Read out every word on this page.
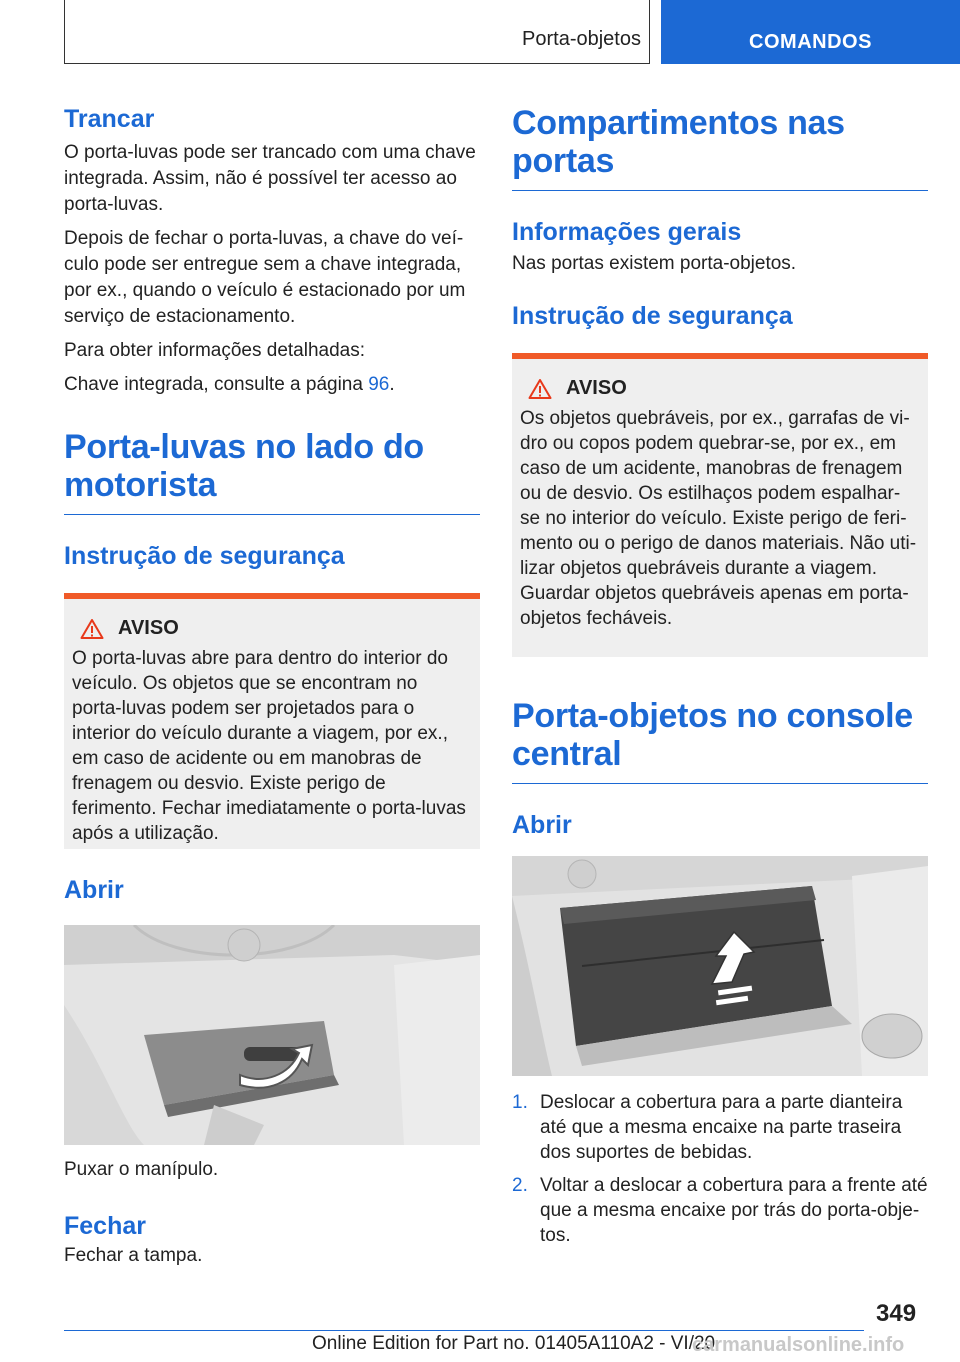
Porta-objetos	COMANDOS
Trancar

O porta-luvas pode ser trancado com uma chave integrada. Assim, não é possível ter acesso ao porta-luvas.

Depois de fechar o porta-luvas, a chave do veículo pode ser entregue sem a chave integrada, por ex., quando o veículo é estacionado por um serviço de estacionamento.

Para obter informações detalhadas:

Chave integrada, consulte a página 96.

Porta-luvas no lado do motorista
Instrução de segurança
AVISO

O porta-luvas abre para dentro do interior do veículo. Os objetos que se encontram no porta-luvas podem ser projetados para o interior do veículo durante a viagem, por ex., em caso de acidente ou em manobras de frenagem ou desvio. Existe perigo de ferimento. Fechar imediatamente o porta-luvas após a utilização.

Abrir

Puxar o manípulo.

Fechar

Fechar a tampa.

Compartimentos nas portas
Informações gerais

Nas portas existem porta-objetos.

Instrução de segurança
AVISO

Os objetos quebráveis, por ex., garrafas de vidro ou copos podem quebrar-se, por ex., em caso de um acidente, manobras de frenagem ou de desvio. Os estilhaços podem espalhar-se no interior do veículo. Existe perigo de ferimento ou o perigo de danos materiais. Não utilizar objetos quebráveis durante a viagem. Guardar objetos quebráveis apenas em porta-objetos fecháveis.

Porta-objetos no console central
Abrir
1. Deslocar a cobertura para a parte dianteira até que a mesma encaixe na parte traseira dos suportes de bebidas.
2. Voltar a deslocar a cobertura para a frente até que a mesma encaixe por trás do porta-objetos.
349
Online Edition for Part no. 01405A110A2 - VI/20
carmanualsonline.info
